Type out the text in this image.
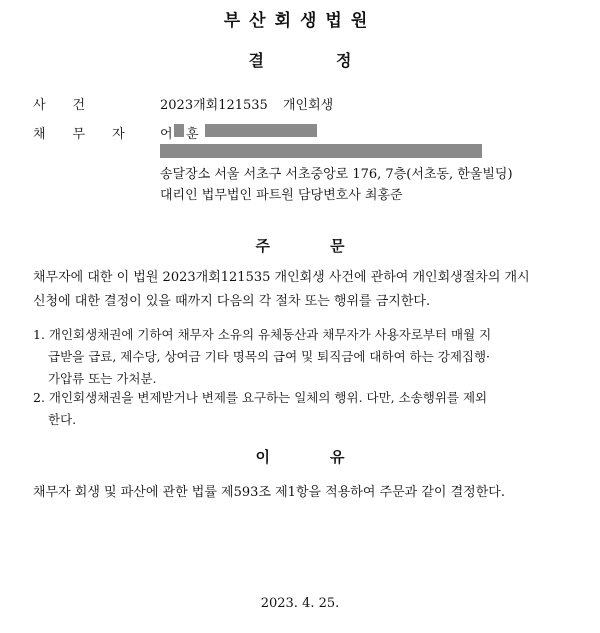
부산회생법원
결정
사건	2023개회121535 개인회생
채무자 어 훈
송달장소 서울 서초구 서초중앙로 176, 7층(서초동, 한울빌딩)
대리인 법무법인 파트원 담당변호사 최홍준
주문
채무자에 대한 이 법원 2023개회121535 개인회생 사건에 관하여 개인회생절차의 개시
신청에 대한 결정이 있을 때까지 다음의 각 절차 또는 행위를 금지한다.
1. 개인회생채권에 기하여 채무자 소유의 유체동산과 채무자가 사용자로부터 매월 지
급받을 급료, 제수당, 상여금 기타 명목의 급여 및 퇴직금에 대하여 하는 강제집행·
가압류 또는 가처분.
2. 개인회생채권을 변제받거나 변제를 요구하는 일체의 행위. 다만, 소송행위를 제외
한다.
이유
채무자 회생 및 파산에 관한 법률 제593조 제1항을 적용하여 주문과 같이 결정한다.
2023. 4. 25.
